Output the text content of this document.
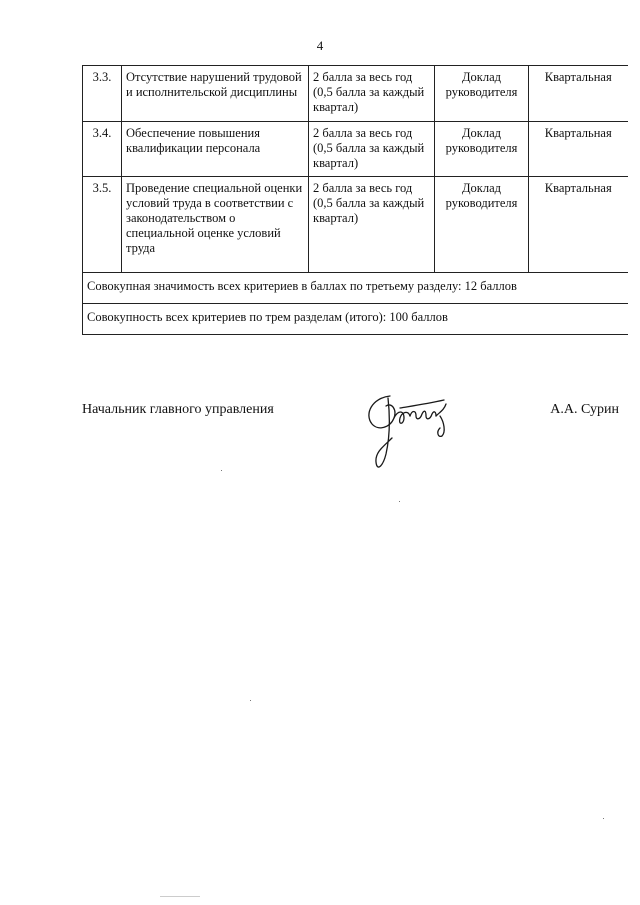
4
3.3.	Отсутствие нарушений трудовой и исполнительской дисциплины	2 балла за весь год (0,5 балла за каждый квартал)	Доклад руководителя	Квартальная
3.4.	Обеспечение повышения квалификации персонала	2 балла за весь год (0,5 балла за каждый квартал)	Доклад руководителя	Квартальная
3.5.	Проведение специальной оценки условий труда в соответствии с законодательством о специальной оценке условий труда	2 балла за весь год (0,5 балла за каждый квартал)	Доклад руководителя	Квартальная
Совокупная значимость всех критериев в баллах по третьему разделу: 12 баллов				
Совокупность всех критериев по трем разделам (итого): 100 баллов				
Начальник главного управления	А.А. Сурин
